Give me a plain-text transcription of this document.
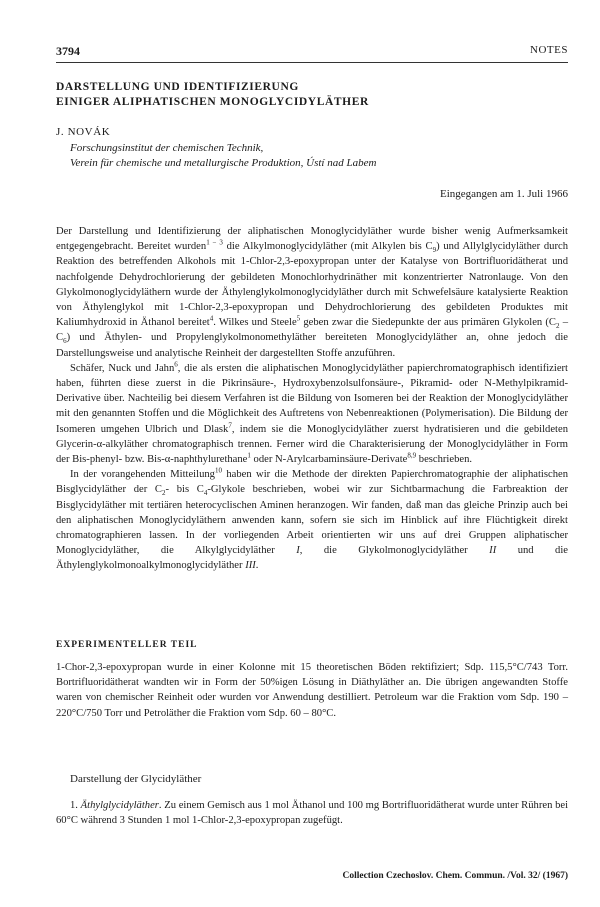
3794	NOTES
DARSTELLUNG UND IDENTIFIZIERUNG
EINIGER ALIPHATISCHEN MONOGLYCIDYLÄTHER
J. NOVÁK
Forschungsinstitut der chemischen Technik,
Verein für chemische und metallurgische Produktion, Ústí nad Labem
Eingegangen am 1. Juli 1966

Der Darstellung und Identifizierung der aliphatischen Monoglycidyläther wurde bisher wenig Aufmerksamkeit entgegengebracht. Bereitet wurden$^{1 - 3}$ die Alkylmonoglycidyläther (mit Alkylen bis $C_9$) und Allylglycidyläther durch Reaktion des betreffenden Alkohols mit 1-Chlor-2,3-epoxypropan unter der Katalyse von Bortrifluoridätherat und nachfolgende Dehydrochlorierung der gebildeten Monochlorhydrinäther mit konzentrierter Natronlauge. Von den Glykolmonoglycidyläthern wurde der Äthylenglykolmonoglycidyläther durch mit Schwefelsäure katalysierte Reaktion von Äthylenglykol mit 1-Chlor-2,3-epoxypropan und Dehydrochlorierung des gebildeten Produktes mit Kaliumhydroxid in Äthanol bereitet$^4$. Wilkes und Steele$^5$ geben zwar die Siedepunkte der aus primären Glykolen $(C_2 - C_6)$ und Äthylen- und Propylenglykolmonomethyläther bereiteten Monoglycidyläther an, ohne jedoch die Darstellungsweise und analytische Reinheit der dargestellten Stoffe anzuführen.

Schäfer, Nuck und Jahn$^6$, die als ersten die aliphatischen Monoglycidyläther papierchromatographisch identifiziert haben, führten diese zuerst in die Pikrinsäure-, Hydroxybenzolsulfonsäure-, Pikramid- oder N-Methylpikramid-Derivative über. Nachteilig bei diesem Verfahren ist die Bildung von Isomeren bei der Reaktion der Monoglycidyläther mit den genannten Stoffen und die Möglichkeit des Auftretens von Nebenreaktionen (Polymerisation). Die Bildung der Isomeren umgehen Ulbrich und Dlask$^7$, indem sie die Monoglycidyläther zuerst hydratisieren und die gebildeten Glycerin-α-alkyläther chromatographisch trennen. Ferner wird die Charakterisierung der Monoglycidyläther in Form der Bis-phenyl- bzw. Bis-α-naphthylurethane$^1$ oder N-Arylcarbaminsäure-Derivate$^{8,9}$ beschrieben.

In der vorangehenden Mitteilung$^{10}$ haben wir die Methode der direkten Papierchromatographie der aliphatischen Bisglycidyläther der $C_2-$ bis $C_4$-Glykole beschrieben, wobei wir zur Sichtbarmachung die Farbreaktion der Bisglycidyläther mit tertiären heterocyclischen Aminen heranzogen. Wir fanden, daß man das gleiche Prinzip auch bei den aliphatischen Monoglycidyläthern anwenden kann, sofern sie sich im Hinblick auf ihre Flüchtigkeit direkt chromatographieren lassen. In der vorliegenden Arbeit orientierten wir uns auf drei Gruppen aliphatischer Monoglycidyläther, die Alkylglycidyläther I, die Glykolmonoglycidyläther II und die Äthylenglykolmonoalkylmonoglycidyläther III.

EXPERIMENTELLER TEIL

1-Chor-2,3-epoxypropan wurde in einer Kolonne mit 15 theoretischen Böden rektifiziert; Sdp. 115,5°C/743 Torr. Bortrifluoridätherat wandten wir in Form der 50%igen Lösung in Diäthyläther an. Die übrigen angewandten Stoffe waren von chemischer Reinheit oder wurden vor Anwendung destilliert. Petroleum war die Fraktion vom Sdp. 190 – 220°C/750 Torr und Petroläther die Fraktion vom Sdp. 60 – 80°C.

Darstellung der Glycidyläther

1. Äthylglycidyläther. Zu einem Gemisch aus 1 mol Äthanol und 100 mg Bortrifluoridätherat wurde unter Rühren bei 60°C während 3 Stunden 1 mol 1-Chlor-2,3-epoxypropan zugefügt.

Collection Czechoslov. Chem. Commun. /Vol. 32/ (1967)
